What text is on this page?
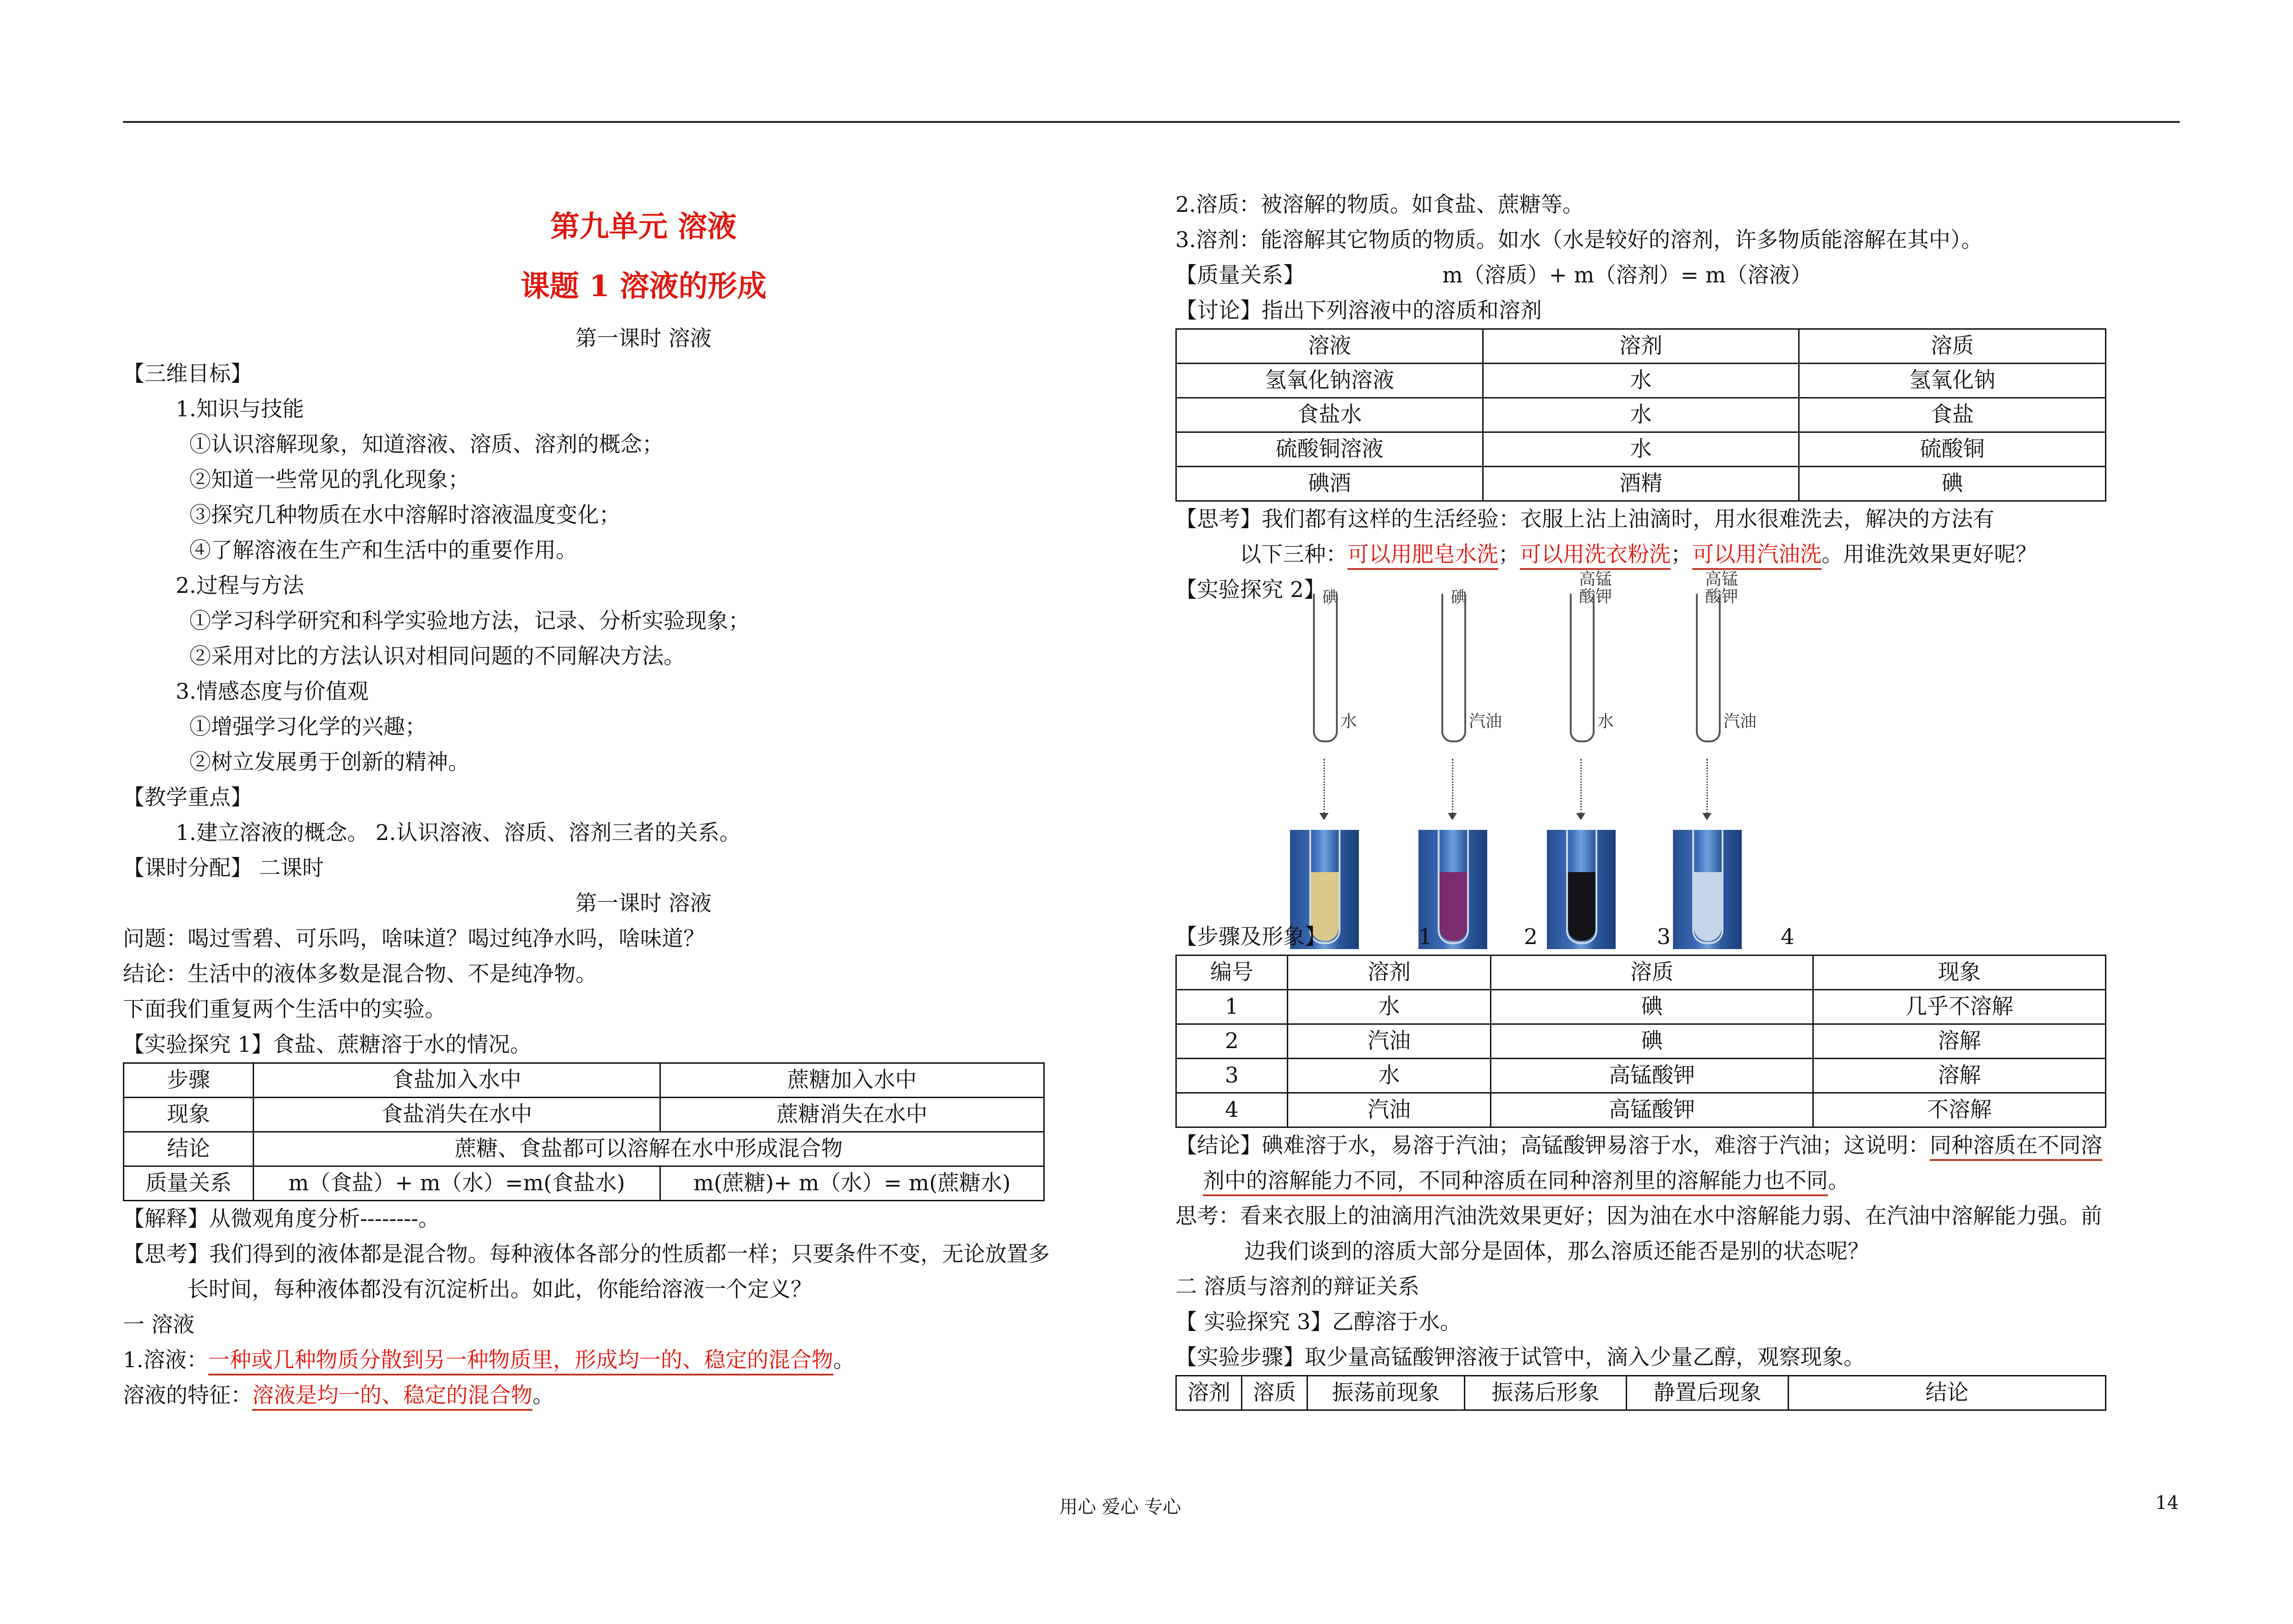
第九单元 溶液
课题 1 溶液的形成
第一课时 溶液
【三维目标】
1.知识与技能
①认识溶解现象，知道溶液、溶质、溶剂的概念；
②知道一些常见的乳化现象；
③探究几种物质在水中溶解时溶液温度变化；
④了解溶液在生产和生活中的重要作用。
2.过程与方法
①学习科学研究和科学实验地方法，记录、分析实验现象；
②采用对比的方法认识对相同问题的不同解决方法。
3.情感态度与价值观
①增强学习化学的兴趣；
②树立发展勇于创新的精神。
【教学重点】
1.建立溶液的概念。 2.认识溶液、溶质、溶剂三者的关系。
【课时分配】 二课时
第一课时 溶液
问题：喝过雪碧、可乐吗，啥味道？喝过纯净水吗，啥味道？
结论：生活中的液体多数是混合物、不是纯净物。
下面我们重复两个生活中的实验。
【实验探究 1】食盐、蔗糖溶于水的情况。
步骤	食盐加入水中	蔗糖加入水中
现象	食盐消失在水中	蔗糖消失在水中
结论	蔗糖、食盐都可以溶解在水中形成混合物	
质量关系	m（食盐）+ m（水）=m(食盐水)	m(蔗糖)+ m（水）= m(蔗糖水)
【解释】从微观角度分析--------。
【思考】我们得到的液体都是混合物。每种液体各部分的性质都一样；只要条件不变，无论放置多
长时间，每种液体都没有沉淀析出。如此，你能给溶液一个定义？
一 溶液
1.溶液：一种或几种物质分散到另一种物质里，形成均一的、稳定的混合物。
溶液的特征：溶液是均一的、稳定的混合物。
2.溶质：被溶解的物质。如食盐、蔗糖等。
3.溶剂：能溶解其它物质的物质。如水（水是较好的溶剂，许多物质能溶解在其中）。
【质量关系】	m（溶质）+ m（溶剂）= m（溶液）
【讨论】指出下列溶液中的溶质和溶剂
溶液	溶剂	溶质
氢氧化钠溶液	水	氢氧化钠
食盐水	水	食盐
硫酸铜溶液	水	硫酸铜
碘酒	酒精	碘
【思考】我们都有这样的生活经验：衣服上沾上油滴时，用水很难洗去，解决的方法有
以下三种：可以用肥皂水洗；可以用洗衣粉洗；可以用汽油洗。用谁洗效果更好呢？
【实验探究 2】
碘
水
碘
汽油
高锰
酸钾
水
高锰
酸钾
汽油
【步骤及形象】	1	2	3	4
编号	溶剂	溶质	现象
1	水	碘	几乎不溶解
2	汽油	碘	溶解
3	水	高锰酸钾	溶解
4	汽油	高锰酸钾	不溶解
【结论】碘难溶于水，易溶于汽油；高锰酸钾易溶于水，难溶于汽油；这说明：同种溶质在不同溶
剂中的溶解能力不同，不同种溶质在同种溶剂里的溶解能力也不同。
思考：看来衣服上的油滴用汽油洗效果更好；因为油在水中溶解能力弱、在汽油中溶解能力强。前
边我们谈到的溶质大部分是固体，那么溶质还能否是别的状态呢？
二 溶质与溶剂的辩证关系
【 实验探究 3】乙醇溶于水。
【实验步骤】取少量高锰酸钾溶液于试管中，滴入少量乙醇，观察现象。
溶剂	溶质	振荡前现象	振荡后形象	静置后现象	结论
用心 爱心 专心	14
